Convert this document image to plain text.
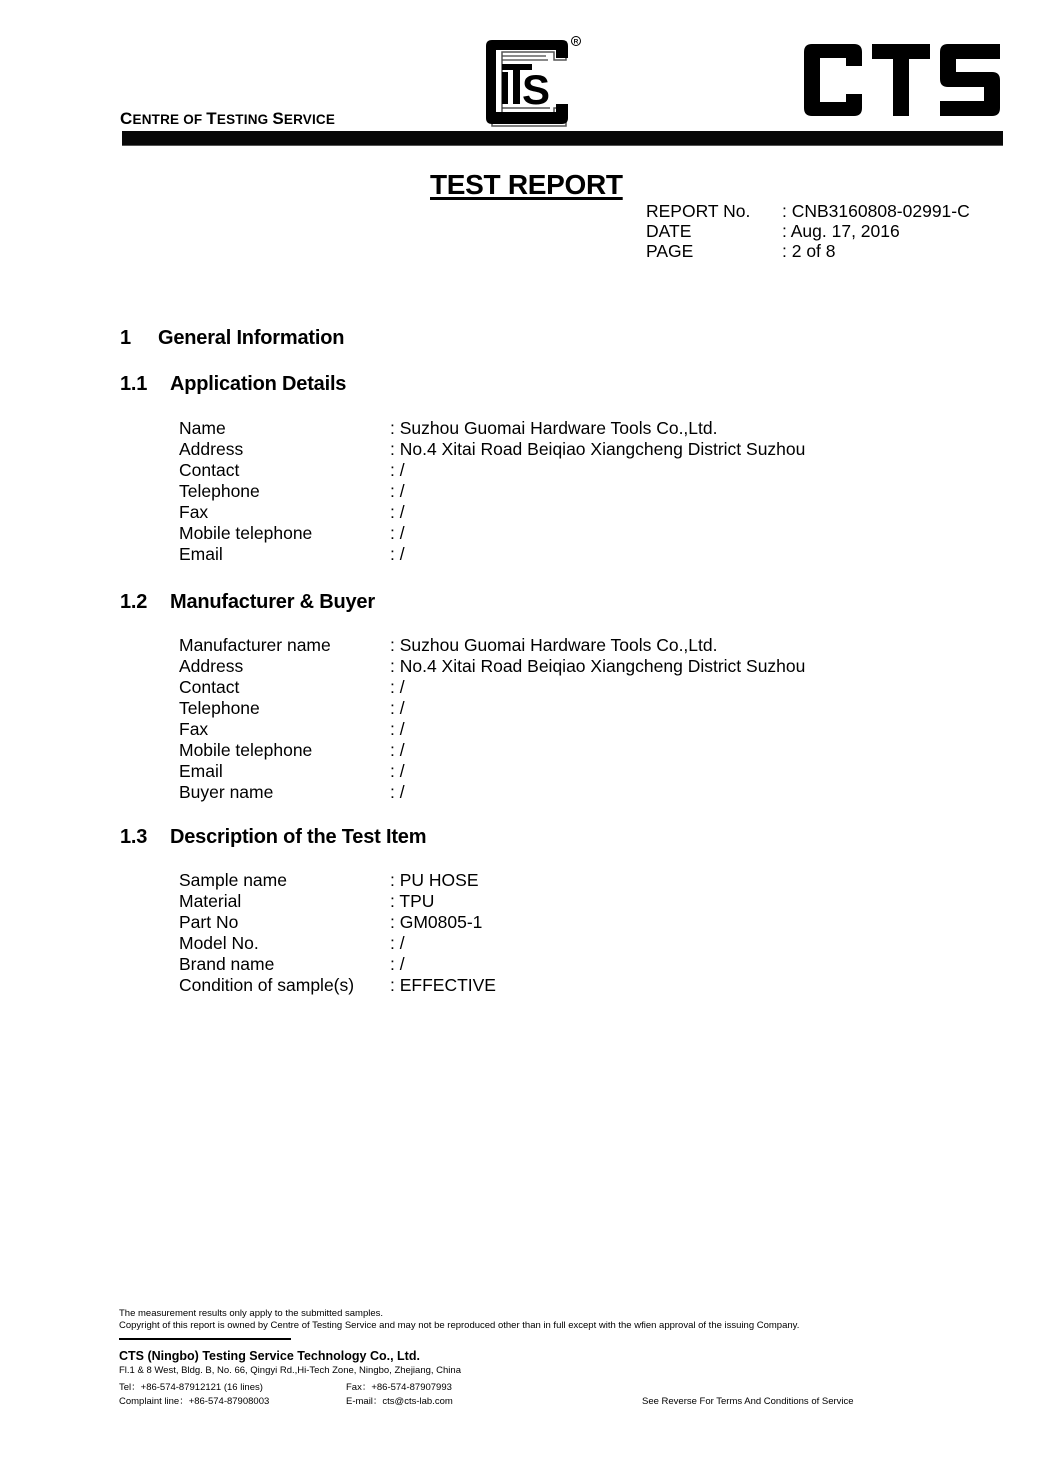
CENTRE OF TESTING SERVICE
S
R
TEST REPORT
REPORT No.	: CNB3160808-02991-C
DATE	: Aug. 17, 2016
PAGE	: 2 of 8
1 General Information
1.1 Application Details
Name	: Suzhou Guomai Hardware Tools Co.,Ltd.
Address	: No.4 Xitai Road Beiqiao Xiangcheng District Suzhou
Contact	: /
Telephone	: /
Fax	: /
Mobile telephone	: /
Email	: /
1.2 Manufacturer & Buyer
Manufacturer name	: Suzhou Guomai Hardware Tools Co.,Ltd.
Address	: No.4 Xitai Road Beiqiao Xiangcheng District Suzhou
Contact	: /
Telephone	: /
Fax	: /
Mobile telephone	: /
Email	: /
Buyer name	: /
1.3 Description of the Test Item
Sample name	: PU HOSE
Material	: TPU
Part No	: GM0805-1
Model No.	: /
Brand name	: /
Condition of sample(s)	: EFFECTIVE
The measurement results only apply to the submitted samples.
Copyright of this report is owned by Centre of Testing Service and may not be reproduced other than in full except with the wfien approval of the issuing Company.
CTS (Ningbo) Testing Service Technology Co., Ltd.
Fl.1 & 8 West, Bldg. B, No. 66, Qingyi Rd.,Hi-Tech Zone, Ningbo, Zhejiang, China
Tel：+86-574-87912121 (16 lines)	Fax：+86-574-87907993
Complaint line：+86-574-87908003	E-mail：cts@cts-lab.com	See Reverse For Terms And Conditions of Service
